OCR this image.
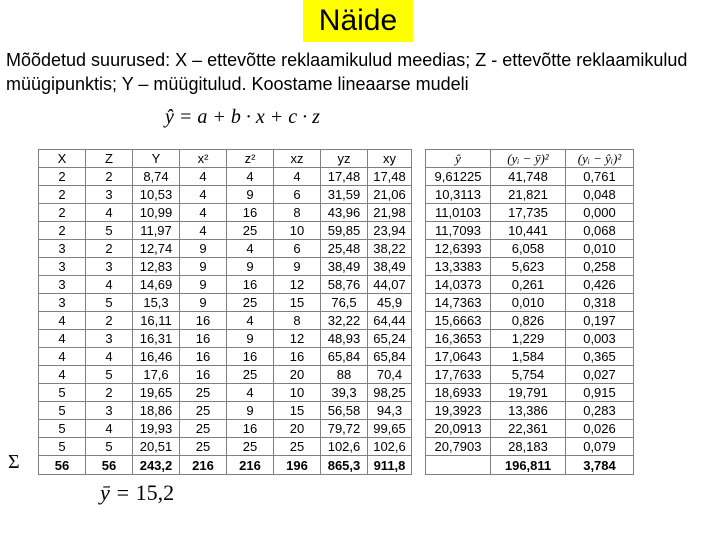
Näide
Mõõdetud suurused: X – ettevõtte reklaamikulud meedias; Z - ettevõtte reklaamikulud müügipunktis; Y – müügitulud. Koostame lineaarse mudeli
ŷ = a + b · x + c · z
X	Z	Y	x²	z²	xz	yz	xy
2	2	8,74	4	4	4	17,48	17,48
2	3	10,53	4	9	6	31,59	21,06
2	4	10,99	4	16	8	43,96	21,98
2	5	11,97	4	25	10	59,85	23,94
3	2	12,74	9	4	6	25,48	38,22
3	3	12,83	9	9	9	38,49	38,49
3	4	14,69	9	16	12	58,76	44,07
3	5	15,3	9	25	15	76,5	45,9
4	2	16,11	16	4	8	32,22	64,44
4	3	16,31	16	9	12	48,93	65,24
4	4	16,46	16	16	16	65,84	65,84
4	5	17,6	16	25	20	88	70,4
5	2	19,65	25	4	10	39,3	98,25
5	3	18,86	25	9	15	56,58	94,3
5	4	19,93	25	16	20	79,72	99,65
5	5	20,51	25	25	25	102,6	102,6
56	56	243,2	216	216	196	865,3	911,8
ŷ	(yᵢ − ȳ)²	(yᵢ − ŷᵢ)²
9,61225	41,748	0,761
10,3113	21,821	0,048
11,0103	17,735	0,000
11,7093	10,441	0,068
12,6393	6,058	0,010
13,3383	5,623	0,258
14,0373	0,261	0,426
14,7363	0,010	0,318
15,6663	0,826	0,197
16,3653	1,229	0,003
17,0643	1,584	0,365
17,7633	5,754	0,027
18,6933	19,791	0,915
19,3923	13,386	0,283
20,0913	22,361	0,026
20,7903	28,183	0,079
	196,811	3,784
Σ
ȳ = 15,2
